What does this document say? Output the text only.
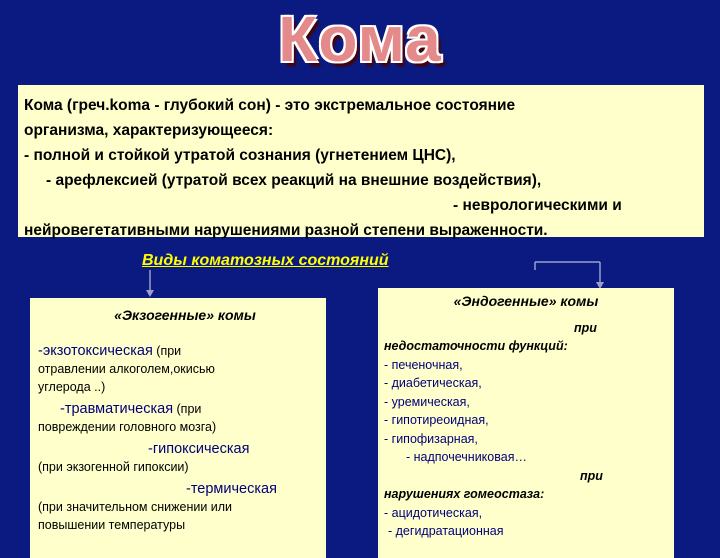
Кома
Кома (греч.koma - глубокий сон) - это экстремальное состояние
организма, характеризующееся:
- полной и стойкой утратой сознания (угнетением ЦНС),
- арефлексией (утратой всех реакций на внешние воздействия),
- неврологическими и
нейровегетативными нарушениями разной степени выраженности.
Виды коматозных состояний
«Экзогенные» комы
-экзотоксическая (при
отравлении алкоголем,окисью
углерода ..)
-травматическая (при
повреждении головного мозга)
-гипоксическая
(при экзогенной гипоксии)
-термическая
(при значительном снижении или
повышении температуры
«Эндогенные» комы
при
недостаточности функций:
- печеночная,
- диабетическая,
- уремическая,
- гипотиреоидная,
- гипофизарная,
- надпочечниковая…
при
нарушениях гомеостаза:
- ацидотическая,
- дегидратационная
